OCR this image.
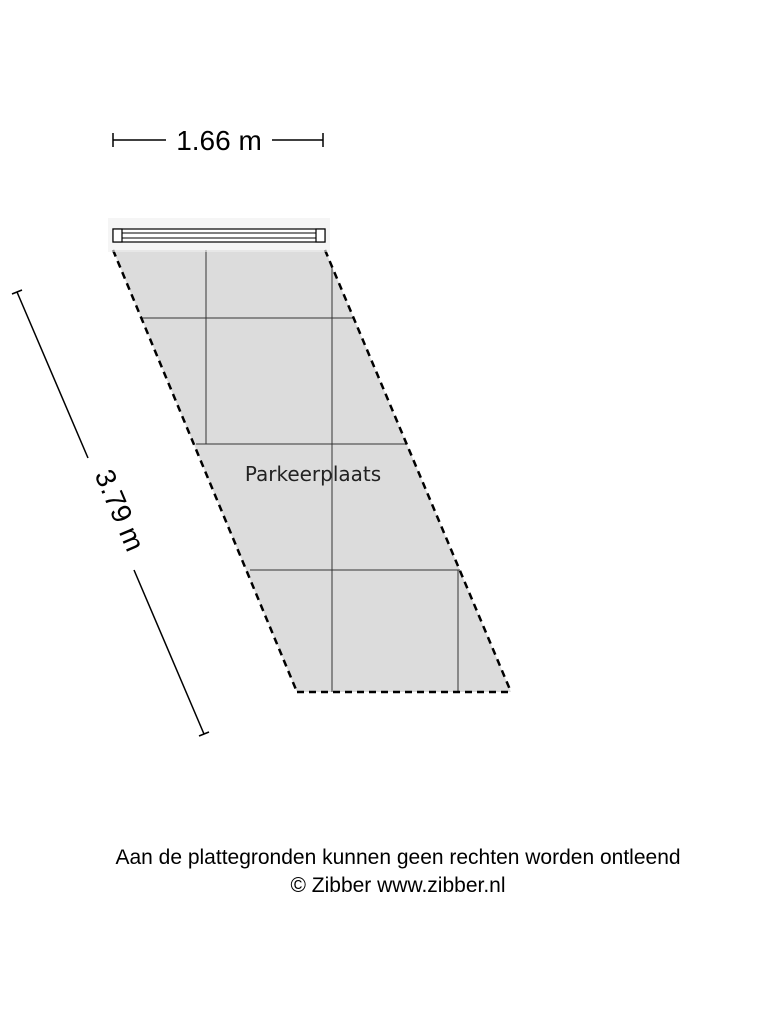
1.66 m
3.79 m	Parkeerplaats
Aan de plattegronden kunnen geen rechten worden ontleend
© Zibber www.zibber.nl
